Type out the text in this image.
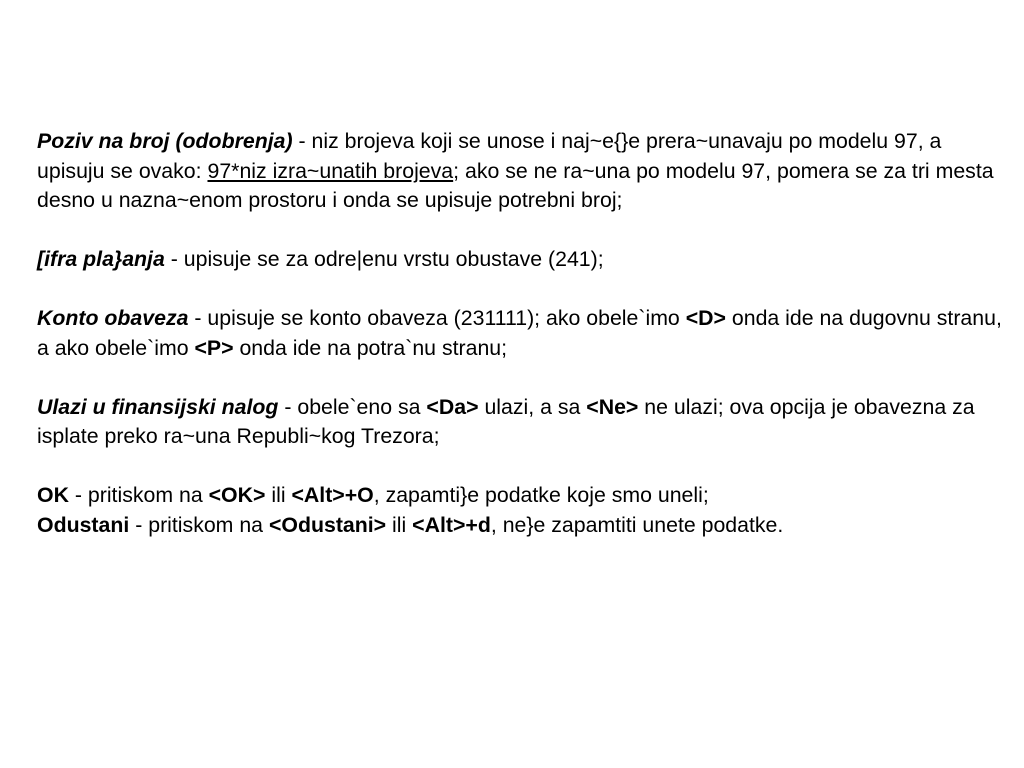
Poziv na broj (odobrenja) - niz brojeva koji se unose i naj~e{}e prera~unavaju po modelu 97, a upisuju se ovako: 97*niz izra~unatih brojeva; ako se ne ra~una po modelu 97, pomera se za tri mesta desno u nazna~enom prostoru i onda se upisuje potrebni broj;

[ifra pla}anja - upisuje se za odre|enu vrstu obustave (241);

Konto obaveza - upisuje se konto obaveza (231111); ako obele`imo <D> onda ide na dugovnu stranu, a ako obele`imo <P> onda ide na potra`nu stranu;

Ulazi u finansijski nalog - obele`eno sa <Da> ulazi, a sa <Ne> ne ulazi; ova opcija je obavezna za isplate preko ra~una Republi~kog Trezora;

OK - pritiskom na <OK> ili <Alt>+O, zapamti}e podatke koje smo uneli;

Odustani - pritiskom na <Odustani> ili <Alt>+d, ne}e zapamtiti unete podatke.
